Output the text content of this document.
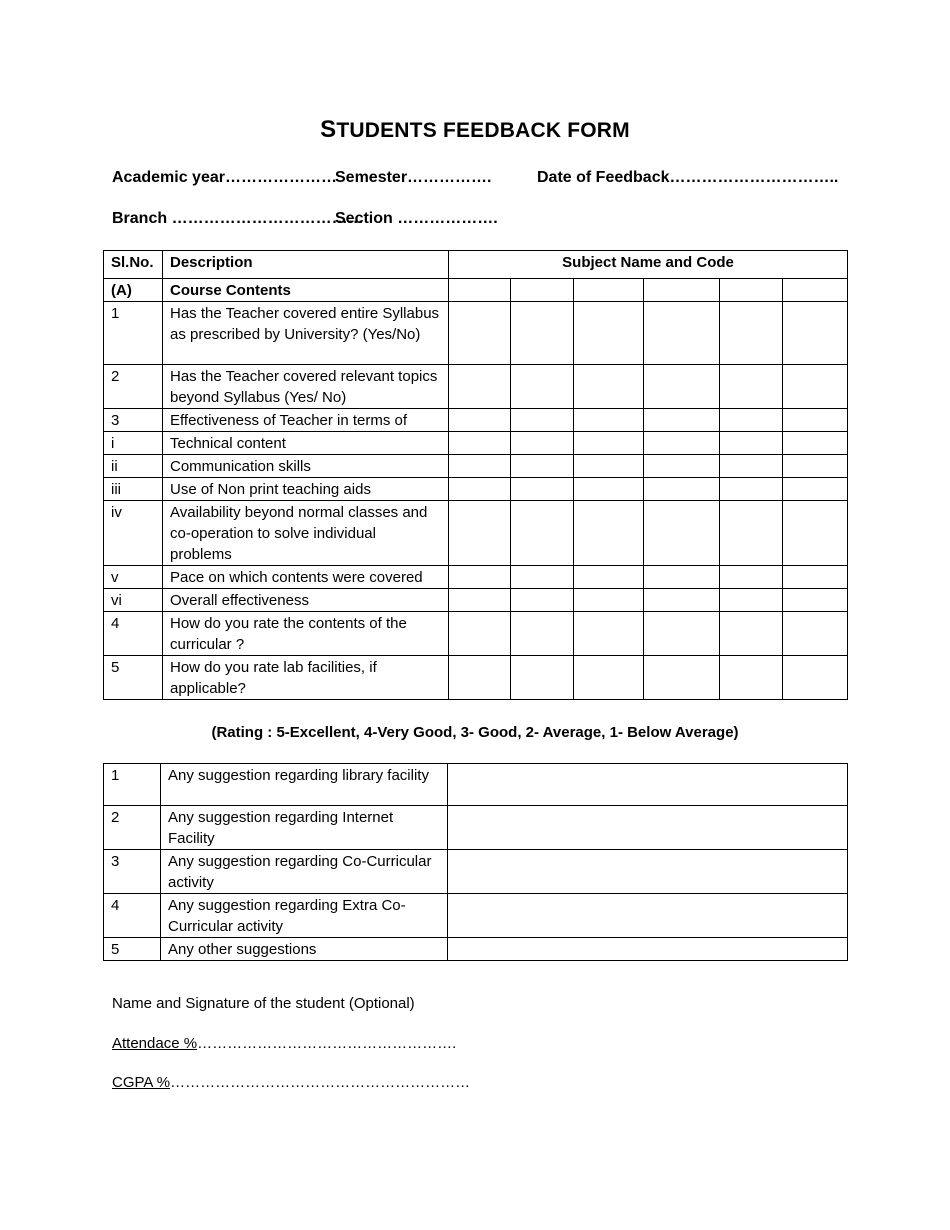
STUDENTS FEEDBACK FORM
Academic year…………………
Semester…………….	Date of Feedback…………………………..
Branch ………………………………
Section ……………….
Sl.No.	Description	Subject Name and Code					
(A)	Course Contents						
1	Has the Teacher covered entire Syllabus as prescribed by University? (Yes/No)						
2	Has the Teacher covered relevant topics beyond Syllabus (Yes/ No)						
3	Effectiveness of Teacher in terms of						
i	Technical content						
ii	Communication skills						
iii	Use of Non print teaching aids						
iv	Availability beyond normal classes and co-operation to solve individual problems						
v	Pace on which contents were covered						
vi	Overall effectiveness						
4	How do you rate the contents of the curricular ?						
5	How do you rate lab facilities, if applicable?						
(Rating : 5-Excellent, 4-Very Good, 3- Good, 2- Average, 1- Below Average)
1	Any suggestion regarding library facility	
2	Any suggestion regarding Internet Facility	
3	Any suggestion regarding Co-Curricular activity	
4	Any suggestion regarding Extra Co-Curricular activity	
5	Any other suggestions	
Name and Signature of the student (Optional)
Attendace %…………………………………………….
CGPA %……………………………………………………
